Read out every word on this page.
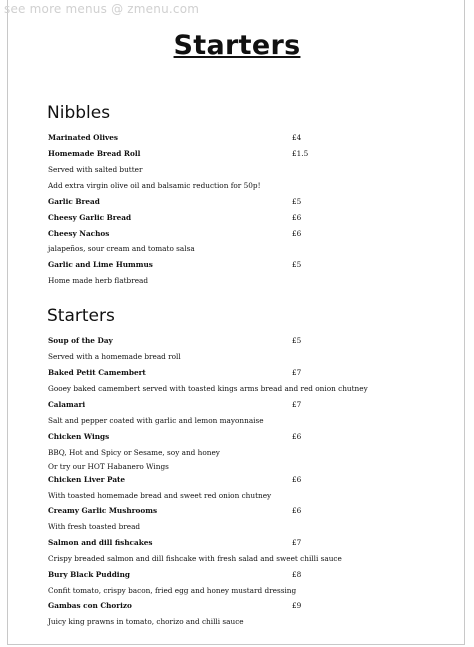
see more menus @ zmenu.com
Starters
Nibbles
Marinated Olives	£4
Homemade Bread Roll	£1.5
Served with salted butter
Add extra virgin olive oil and balsamic reduction for 50p!
Garlic Bread	£5
Cheesy Garlic Bread	£6
Cheesy Nachos	£6
jalapeños, sour cream and tomato salsa
Garlic and Lime Hummus	£5
Home made herb flatbread
Starters
Soup of the Day	£5
Served with a homemade bread roll
Baked Petit Camembert	£7
Gooey baked camembert served with toasted kings arms bread and red onion chutney
Calamari	£7
Salt and pepper coated with garlic and lemon mayonnaise
Chicken Wings	£6
BBQ, Hot and Spicy or Sesame, soy and honey
Or try our HOT Habanero Wings
Chicken Liver Pate	£6
With toasted homemade bread and sweet red onion chutney
Creamy Garlic Mushrooms	£6
With fresh toasted bread
Salmon and dill fishcakes	£7
Crispy breaded salmon and dill fishcake with fresh salad and sweet chilli sauce
Bury Black Pudding	£8
Confit tomato, crispy bacon, fried egg and honey mustard dressing
Gambas con Chorizo	£9
Juicy king prawns in tomato, chorizo and chilli sauce
